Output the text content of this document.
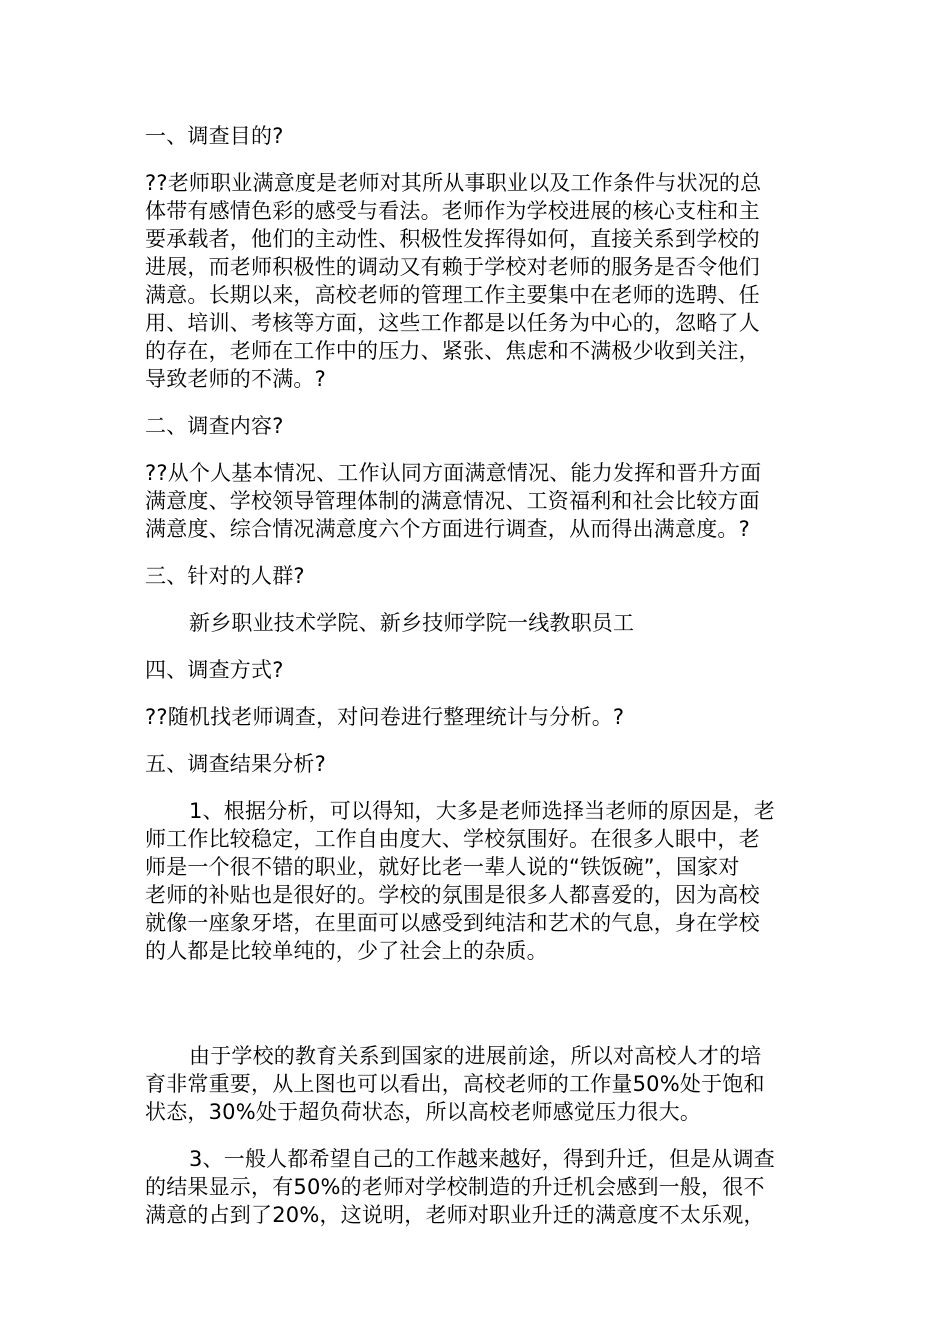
一、调查目的?
??老师职业满意度是老师对其所从事职业以及工作条件与状况的总
体带有感情色彩的感受与看法。老师作为学校进展的核心支柱和主
要承载者，他们的主动性、积极性发挥得如何，直接关系到学校的
进展，而老师积极性的调动又有赖于学校对老师的服务是否令他们
满意。长期以来，高校老师的管理工作主要集中在老师的选聘、任
用、培训、考核等方面，这些工作都是以任务为中心的，忽略了人
的存在，老师在工作中的压力、紧张、焦虑和不满极少收到关注，
导致老师的不满。?
二、调查内容?
??从个人基本情况、工作认同方面满意情况、能力发挥和晋升方面
满意度、学校领导管理体制的满意情况、工资福利和社会比较方面
满意度、综合情况满意度六个方面进行调查，从而得出满意度。?
三、针对的人群?
新乡职业技术学院、新乡技师学院一线教职员工
四、调查方式?
??随机找老师调查，对问卷进行整理统计与分析。?
五、调查结果分析?
1、根据分析，可以得知，大多是老师选择当老师的原因是，老
师工作比较稳定，工作自由度大、学校氛围好。在很多人眼中，老
师是一个很不错的职业，就好比老一辈人说的“铁饭碗”，国家对
老师的补贴也是很好的。学校的氛围是很多人都喜爱的，因为高校
就像一座象牙塔，在里面可以感受到纯洁和艺术的气息，身在学校
的人都是比较单纯的，少了社会上的杂质。
由于学校的教育关系到国家的进展前途，所以对高校人才的培
育非常重要，从上图也可以看出，高校老师的工作量50%处于饱和
状态，30%处于超负荷状态，所以高校老师感觉压力很大。
3、一般人都希望自己的工作越来越好，得到升迁，但是从调查
的结果显示，有50%的老师对学校制造的升迁机会感到一般，很不
满意的占到了20%，这说明，老师对职业升迁的满意度不太乐观，
